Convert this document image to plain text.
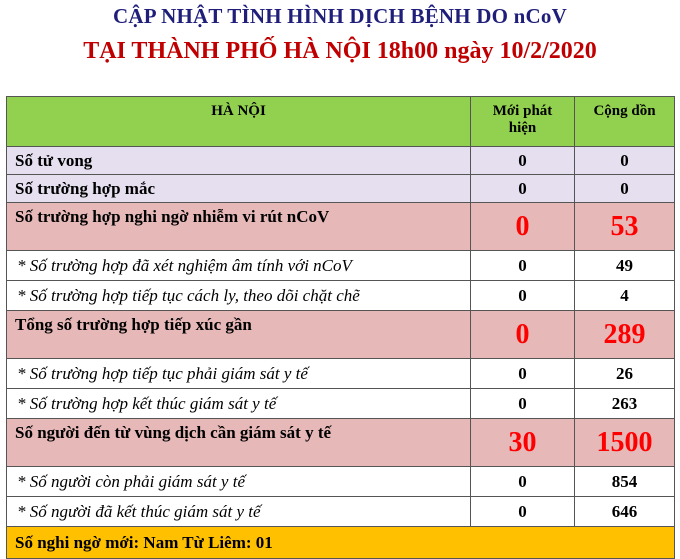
CẬP NHẬT TÌNH HÌNH DỊCH BỆNH DO nCoV
TẠI THÀNH PHỐ HÀ NỘI 18h00 ngày 10/2/2020
HÀ NỘI	Mới phát hiện	Cộng dồn
Số tử vong	0	0
Số trường hợp mắc	0	0
Số trường hợp nghi ngờ nhiễm vi rút nCoV	0	53
* Số trường hợp đã xét nghiệm âm tính với nCoV	0	49
* Số trường hợp tiếp tục cách ly, theo dõi chặt chẽ	0	4
Tổng số trường hợp tiếp xúc gần	0	289
* Số trường hợp tiếp tục phải giám sát y tế	0	26
* Số trường hợp kết thúc giám sát y tế	0	263
Số người đến từ vùng dịch cần giám sát y tế	30	1500
* Số người còn phải giám sát y tế	0	854
* Số người đã kết thúc giám sát y tế	0	646
Số nghi ngờ mới: Nam Từ Liêm: 01		
